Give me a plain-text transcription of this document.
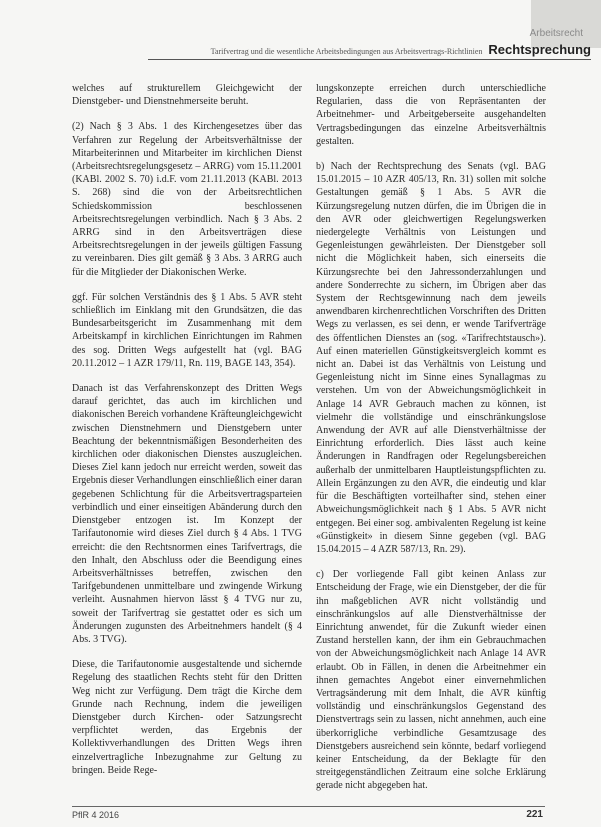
Arbeitsrecht
Tarifvertrag und die wesentliche Arbeitsbedingungen aus Arbeitsvertrags-Richtlinien Rechtsprechung

welches auf strukturellem Gleichgewicht der Dienstgeber- und Dienstnehmerseite beruht.

(2) Nach § 3 Abs. 1 des Kirchengesetzes über das Verfahren zur Regelung der Arbeitsverhältnisse der Mitarbeiterinnen und Mitarbeiter im kirchlichen Dienst (Arbeitsrechtsregelungsgesetz – ARRG) vom 15.11.2001 (KABl. 2002 S. 70) i.d.F. vom 21.11.2013 (KABl. 2013 S. 268) sind die von der Arbeitsrechtlichen Schiedskommission beschlossenen Arbeitsrechtsregelungen verbindlich. Nach § 3 Abs. 2 ARRG sind in den Arbeitsverträgen diese Arbeitsrechtsregelungen in der jeweils gültigen Fassung zu vereinbaren. Dies gilt gemäß § 3 Abs. 3 ARRG auch für die Mitglieder der Diakonischen Werke.

ggf. Für solchen Verständnis des § 1 Abs. 5 AVR steht schließlich im Einklang mit den Grundsätzen, die das Bundesarbeitsgericht im Zusammenhang mit dem Arbeitskampf in kirchlichen Einrichtungen im Rahmen des sog. Dritten Wegs aufgestellt hat (vgl. BAG 20.11.2012 – 1 AZR 179/11, Rn. 119, BAGE 143, 354).

Danach ist das Verfahrenskonzept des Dritten Wegs darauf gerichtet, das auch im kirchlichen und diakonischen Bereich vorhandene Kräfteungleichgewicht zwischen Dienstnehmern und Dienstgebern unter Beachtung der bekenntnismäßigen Besonderheiten des kirchlichen oder diakonischen Dienstes auszugleichen. Dieses Ziel kann jedoch nur erreicht werden, soweit das Ergebnis dieser Verhandlungen einschließlich einer daran gegebenen Schlichtung für die Arbeitsvertragsparteien verbindlich und einer einseitigen Abänderung durch den Dienstgeber entzogen ist. Im Konzept der Tarifautonomie wird dieses Ziel durch § 4 Abs. 1 TVG erreicht: die den Rechtsnormen eines Tarifvertrags, die den Inhalt, den Abschluss oder die Beendigung eines Arbeitsverhältnisses betreffen, zwischen den Tarifgebundenen unmittelbare und zwingende Wirkung verleiht. Ausnahmen hiervon lässt § 4 TVG nur zu, soweit der Tarifvertrag sie gestattet oder es sich um Änderungen zugunsten des Arbeitnehmers handelt (§ 4 Abs. 3 TVG).

Diese, die Tarifautonomie ausgestaltende und sichernde Regelung des staatlichen Rechts steht für den Dritten Weg nicht zur Verfügung. Dem trägt die Kirche dem Grunde nach Rechnung, indem die jeweiligen Dienstgeber durch Kirchen- oder Satzungsrecht verpflichtet werden, das Ergebnis der Kollektivverhandlungen des Dritten Wegs ihren einzelvertragliche Inbezugnahme zur Geltung zu bringen. Beide Rege-

lungskonzepte erreichen durch unterschiedliche Regularien, dass die von Repräsentanten der Arbeitnehmer- und Arbeitgeberseite ausgehandelten Vertragsbedingungen das einzelne Arbeitsverhältnis gestalten.

b) Nach der Rechtsprechung des Senats (vgl. BAG 15.01.2015 – 10 AZR 405/13, Rn. 31) sollen mit solche Gestaltungen gemäß § 1 Abs. 5 AVR die Kürzungsregelung nutzen dürfen, die im Übrigen die in den AVR oder gleichwertigen Regelungswerken niedergelegte Verhältnis von Leistungen und Gegenleistungen gewährleisten. Der Dienstgeber soll nicht die Möglichkeit haben, sich einerseits die Kürzungsrechte bei den Jahressonderzahlungen und andere Sonderrechte zu sichern, im Übrigen aber das System der Rechtsgewinnung nach dem jeweils anwendbaren kirchenrechtlichen Vorschriften des Dritten Wegs zu verlassen, es sei denn, er wende Tarifverträge des öffentlichen Dienstes an (sog. «Tarifrechtstausch»). Auf einen materiellen Günstigkeitsvergleich kommt es nicht an. Dabei ist das Verhältnis von Leistung und Gegenleistung nicht im Sinne eines Synallagmas zu verstehen. Um von der Abweichungsmöglichkeit in Anlage 14 AVR Gebrauch machen zu können, ist vielmehr die vollständige und einschränkungslose Anwendung der AVR auf alle Dienstverhältnisse der Einrichtung erforderlich. Dies lässt auch keine Änderungen in Randfragen oder Regelungsbereichen außerhalb der unmittelbaren Hauptleistungspflichten zu. Allein Ergänzungen zu den AVR, die eindeutig und klar für die Beschäftigten vorteilhafter sind, stehen einer Abweichungsmöglichkeit nach § 1 Abs. 5 AVR nicht entgegen. Bei einer sog. ambivalenten Regelung ist keine «Günstigkeit» in diesem Sinne gegeben (vgl. BAG 15.04.2015 – 4 AZR 587/13, Rn. 29).

c) Der vorliegende Fall gibt keinen Anlass zur Entscheidung der Frage, wie ein Dienstgeber, der die für ihn maßgeblichen AVR nicht vollständig und einschränkungslos auf alle Dienstverhältnisse der Einrichtung anwendet, für die Zukunft wieder einen Zustand herstellen kann, der ihm ein Gebrauchmachen von der Abweichungsmöglichkeit nach Anlage 14 AVR erlaubt. Ob in Fällen, in denen die Arbeitnehmer ein ihnen gemachtes Angebot einer einvernehmlichen Vertragsänderung mit dem Inhalt, die AVR künftig vollständig und einschränkungslos Gegenstand des Dienstvertrags sein zu lassen, nicht annehmen, auch eine überkorrigliche verbindliche Gesamtzusage des Dienstgebers ausreichend sein könnte, bedarf vorliegend keiner Entscheidung, da der Beklagte für den streitgegenständlichen Zeitraum eine solche Erklärung gerade nicht abgegeben hat.

PflR 4 2016	221
